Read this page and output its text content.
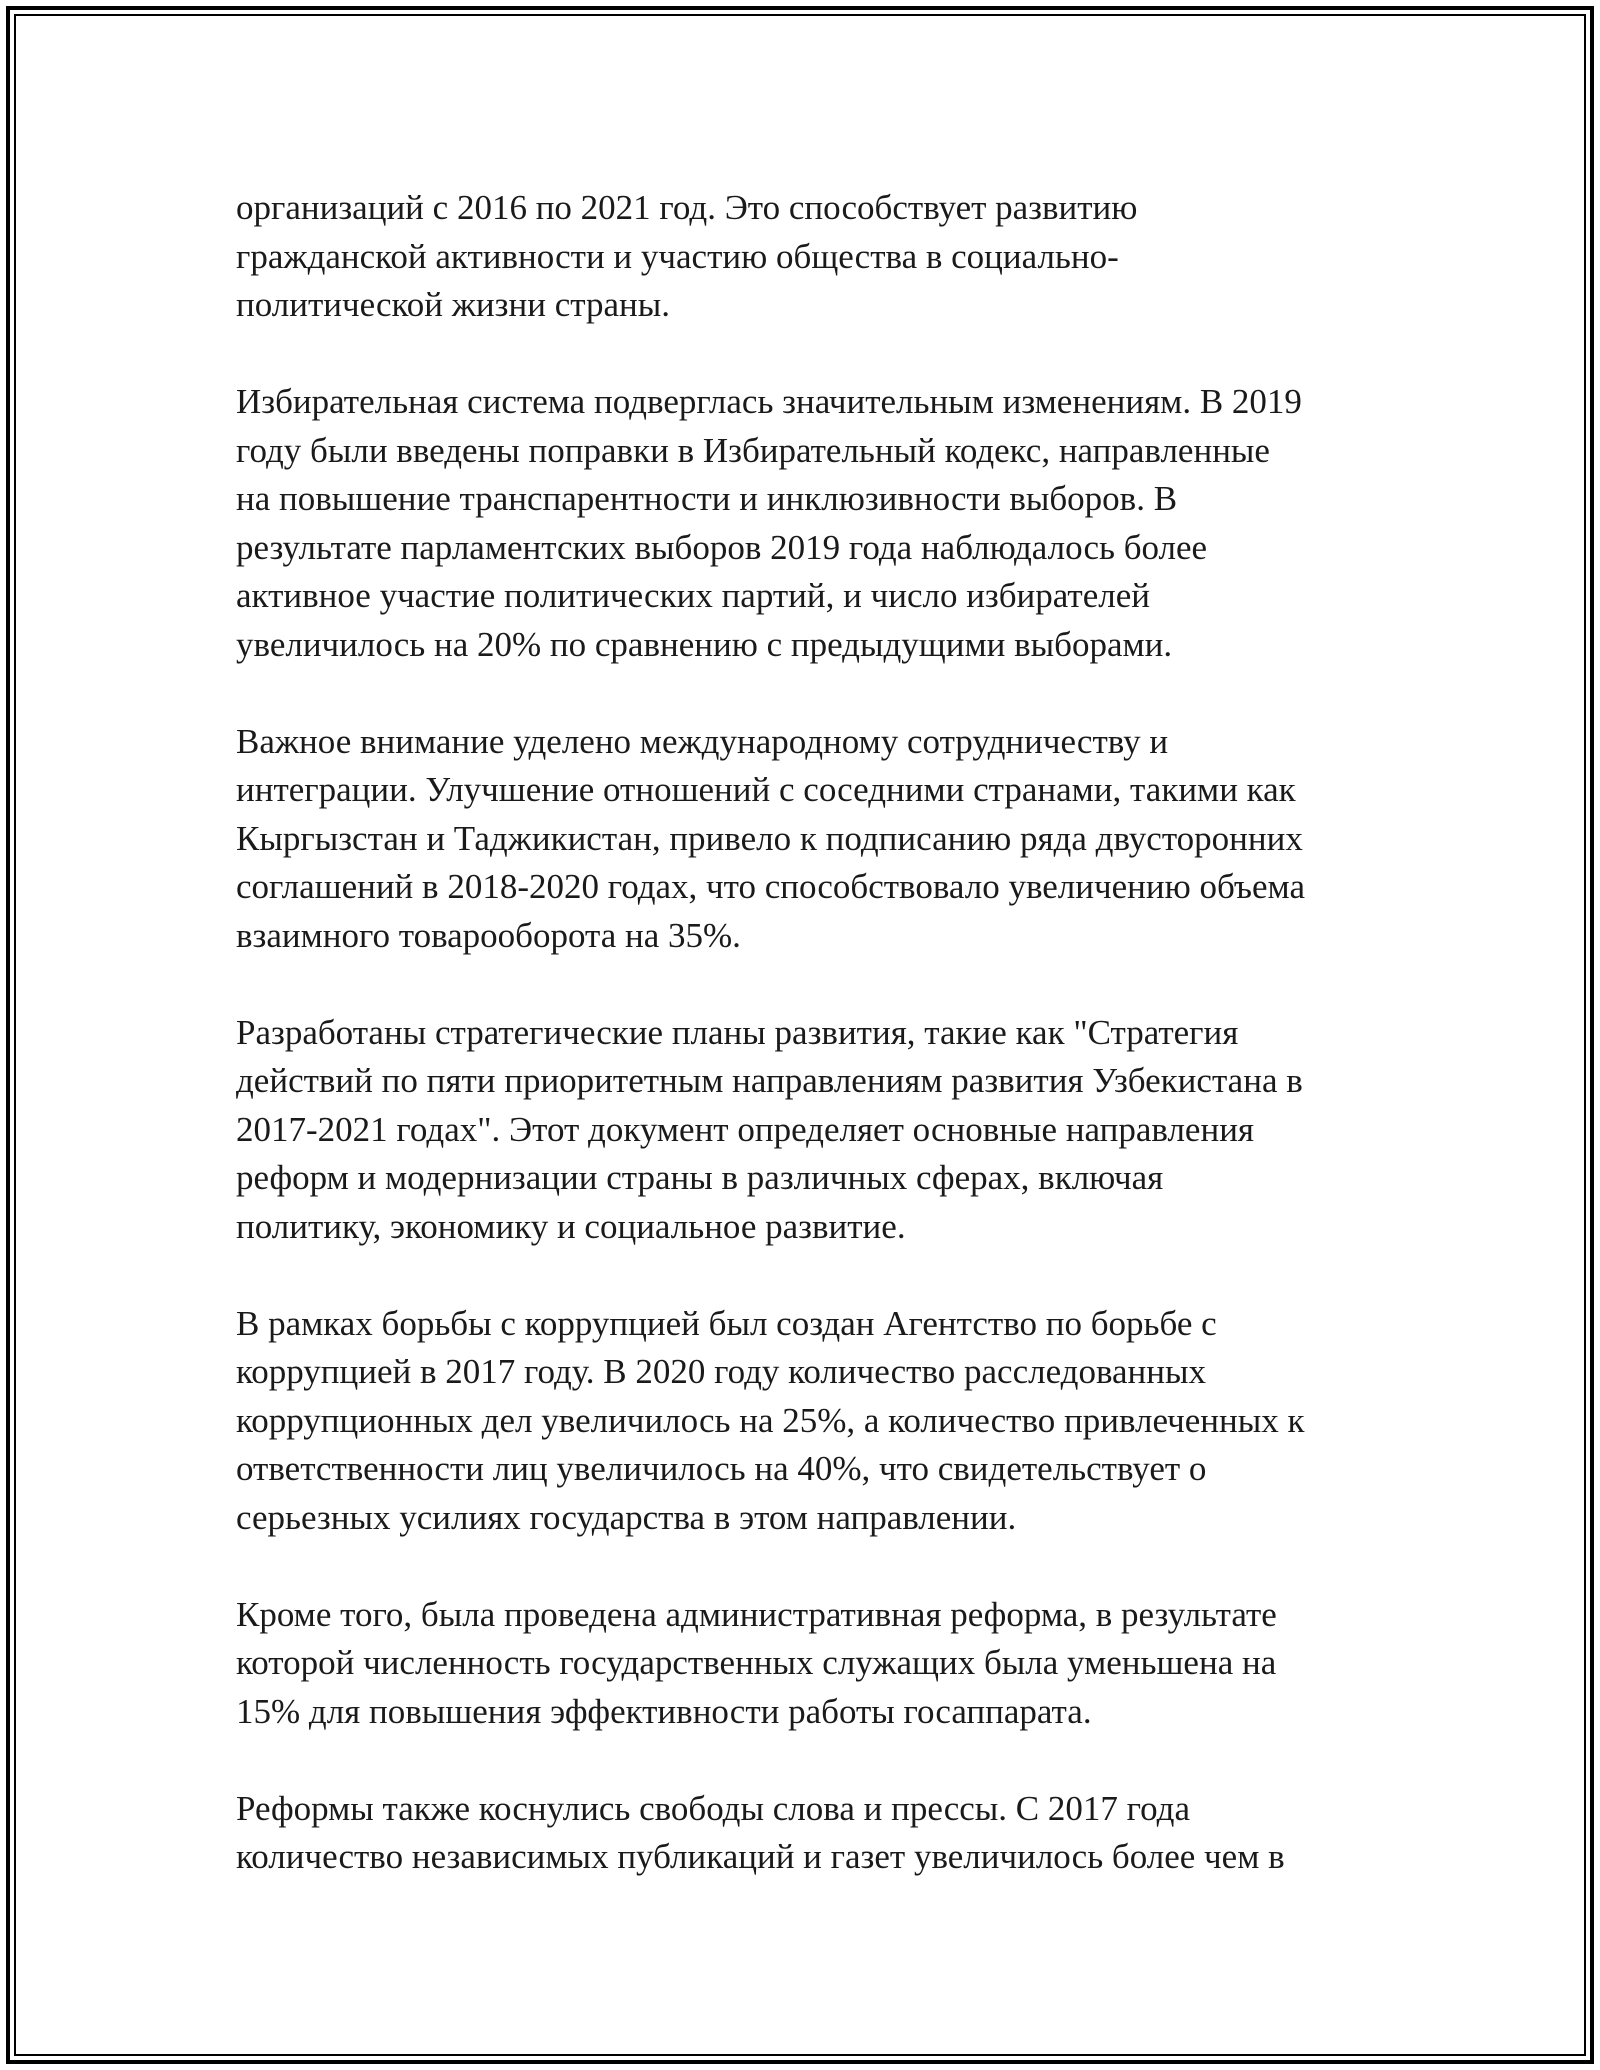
организаций с 2016 по 2021 год. Это способствует развитию
гражданской активности и участию общества в социально-
политической жизни страны.

Избирательная система подверглась значительным изменениям. В 2019
году были введены поправки в Избирательный кодекс, направленные
на повышение транспарентности и инклюзивности выборов. В
результате парламентских выборов 2019 года наблюдалось более
активное участие политических партий, и число избирателей
увеличилось на 20% по сравнению с предыдущими выборами.

Важное внимание уделено международному сотрудничеству и
интеграции. Улучшение отношений с соседними странами, такими как
Кыргызстан и Таджикистан, привело к подписанию ряда двусторонних
соглашений в 2018-2020 годах, что способствовало увеличению объема
взаимного товарооборота на 35%.

Разработаны стратегические планы развития, такие как "Стратегия
действий по пяти приоритетным направлениям развития Узбекистана в
2017-2021 годах". Этот документ определяет основные направления
реформ и модернизации страны в различных сферах, включая
политику, экономику и социальное развитие.

В рамках борьбы с коррупцией был создан Агентство по борьбе с
коррупцией в 2017 году. В 2020 году количество расследованных
коррупционных дел увеличилось на 25%, а количество привлеченных к
ответственности лиц увеличилось на 40%, что свидетельствует о
серьезных усилиях государства в этом направлении.

Кроме того, была проведена административная реформа, в результате
которой численность государственных служащих была уменьшена на
15% для повышения эффективности работы госаппарата.

Реформы также коснулись свободы слова и прессы. С 2017 года
количество независимых публикаций и газет увеличилось более чем в
